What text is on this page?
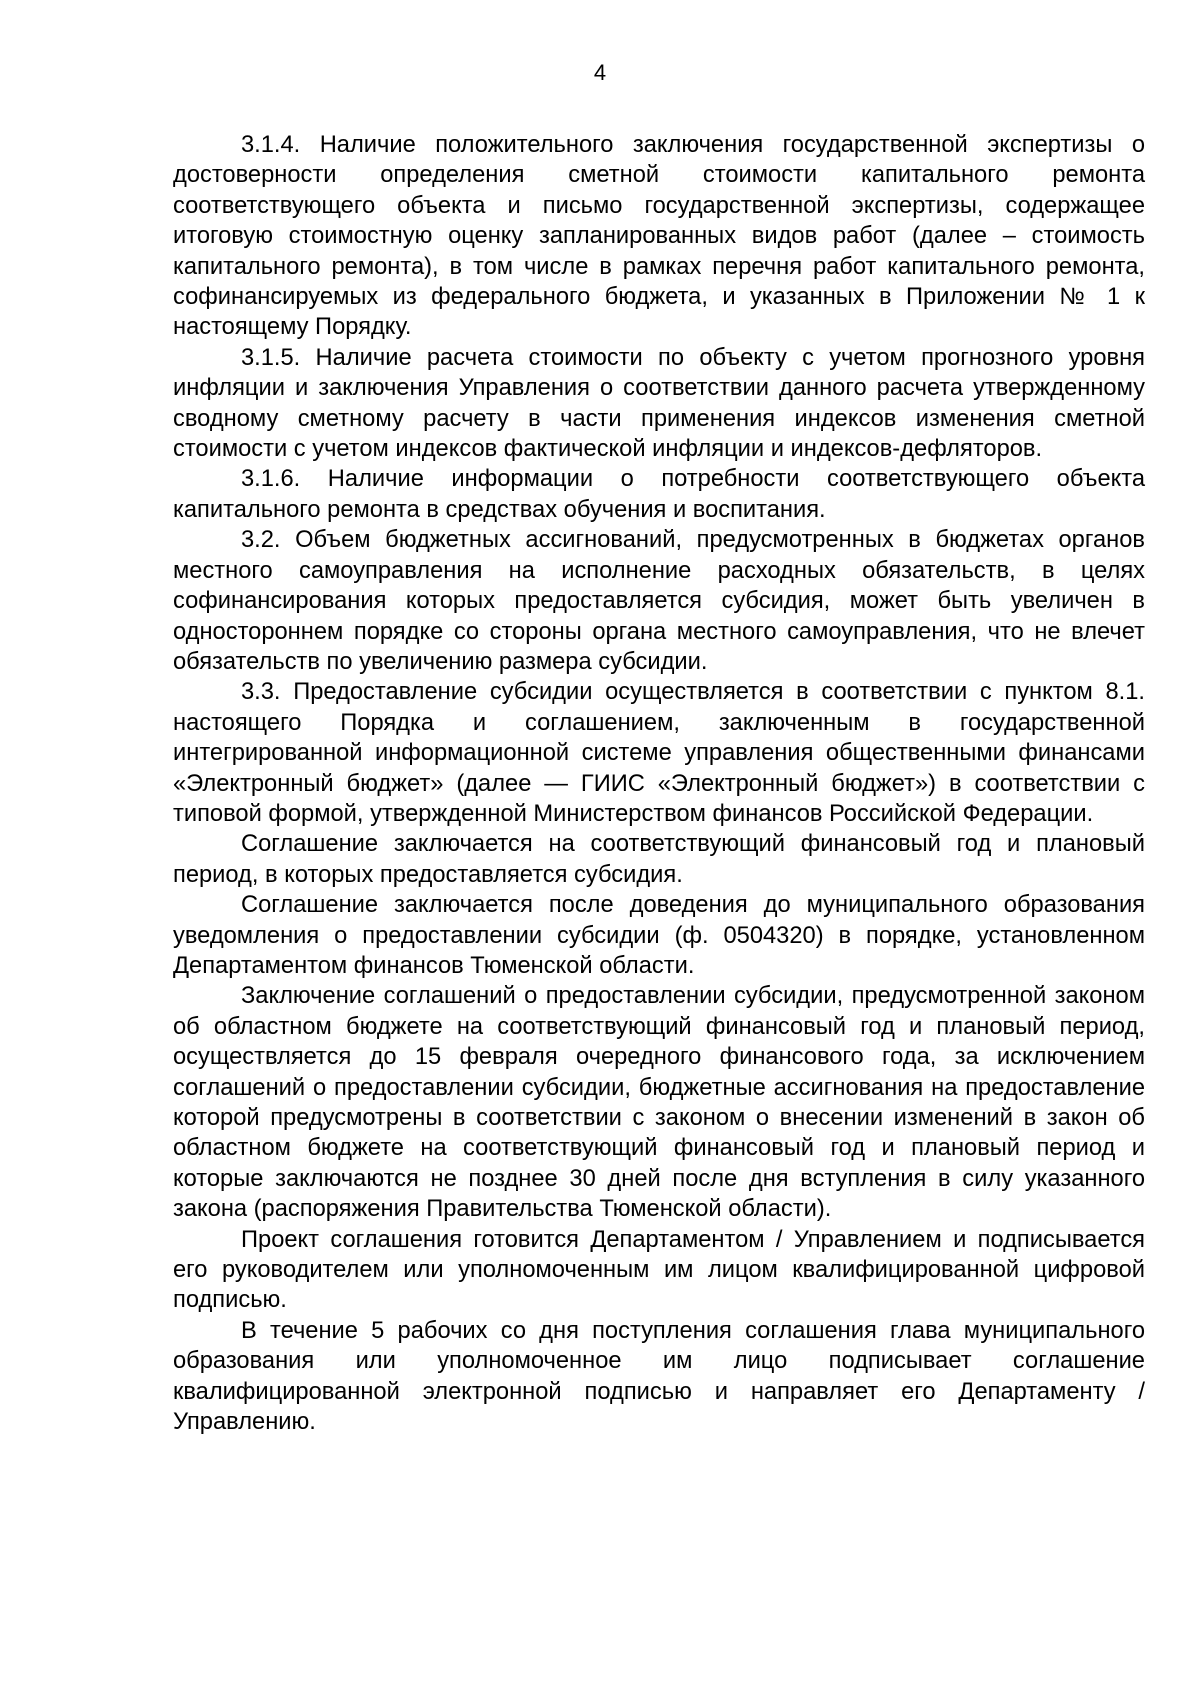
4

3.1.4. Наличие положительного заключения государственной экспертизы о достоверности определения сметной стоимости капитального ремонта соответствующего объекта и письмо государственной экспертизы, содержащее итоговую стоимостную оценку запланированных видов работ (далее – стоимость капитального ремонта), в том числе в рамках перечня работ капитального ремонта, софинансируемых из федерального бюджета, и указанных в Приложении № 1 к настоящему Порядку.

3.1.5. Наличие расчета стоимости по объекту с учетом прогнозного уровня инфляции и заключения Управления о соответствии данного расчета утвержденному сводному сметному расчету в части применения индексов изменения сметной стоимости с учетом индексов фактической инфляции и индексов-дефляторов.

3.1.6. Наличие информации о потребности соответствующего объекта капитального ремонта в средствах обучения и воспитания.

3.2. Объем бюджетных ассигнований, предусмотренных в бюджетах органов местного самоуправления на исполнение расходных обязательств, в целях софинансирования которых предоставляется субсидия, может быть увеличен в одностороннем порядке со стороны органа местного самоуправления, что не влечет обязательств по увеличению размера субсидии.

3.3. Предоставление субсидии осуществляется в соответствии с пунктом 8.1. настоящего Порядка и соглашением, заключенным в государственной интегрированной информационной системе управления общественными финансами «Электронный бюджет» (далее — ГИИС «Электронный бюджет») в соответствии с типовой формой, утвержденной Министерством финансов Российской Федерации.

Соглашение заключается на соответствующий финансовый год и плановый период, в которых предоставляется субсидия.

Соглашение заключается после доведения до муниципального образования уведомления о предоставлении субсидии (ф. 0504320) в порядке, установленном Департаментом финансов Тюменской области.

Заключение соглашений о предоставлении субсидии, предусмотренной законом об областном бюджете на соответствующий финансовый год и плановый период, осуществляется до 15 февраля очередного финансового года, за исключением соглашений о предоставлении субсидии, бюджетные ассигнования на предоставление которой предусмотрены в соответствии с законом о внесении изменений в закон об областном бюджете на соответствующий финансовый год и плановый период и которые заключаются не позднее 30 дней после дня вступления в силу указанного закона (распоряжения Правительства Тюменской области).

Проект соглашения готовится Департаментом / Управлением и подписывается его руководителем или уполномоченным им лицом квалифицированной цифровой подписью.

В течение 5 рабочих со дня поступления соглашения глава муниципального образования или уполномоченное им лицо подписывает соглашение квалифицированной электронной подписью и направляет его Департаменту / Управлению.
